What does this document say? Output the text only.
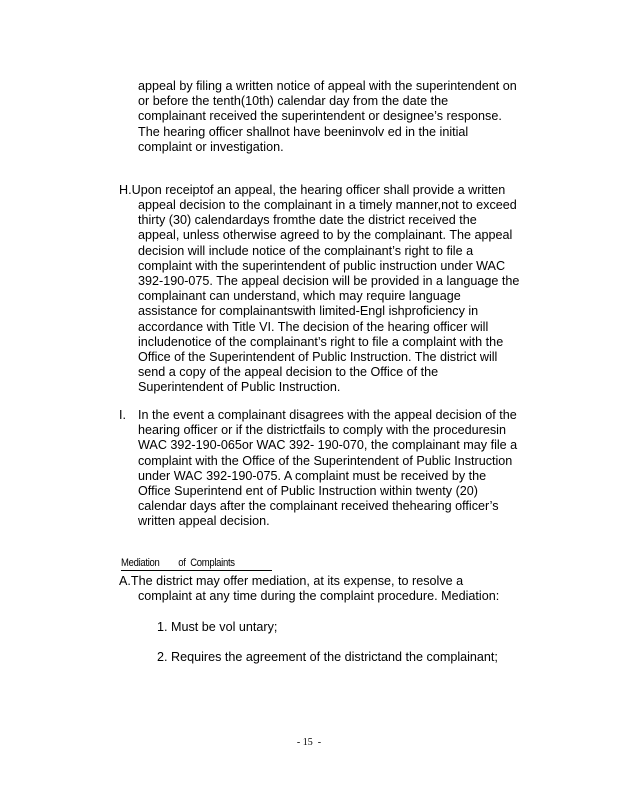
appeal by filing a written notice of appeal with the superintendent on
or before the tenth(10th) calendar day from the date the
complainant received the superintendent or designee’s response.
The hearing officer shallnot have beeninvolv ed in the initial
complaint or investigation.
H.Upon receiptof an appeal, the hearing officer shall provide a written
appeal decision to the complainant in a timely manner,not to exceed
thirty (30) calendardays fromthe date the district received the
appeal, unless otherwise agreed to by the complainant. The appeal
decision will include notice of the complainant’s right to file a
complaint with the superintendent of public instruction under WAC
392-190-075. The appeal decision will be provided in a language the
complainant can understand, which may require language
assistance for complainantswith limited-Engl ishproficiency in
accordance with Title VI. The decision of the hearing officer will
includenotice of the complainant’s right to file a complaint with the
Office of the Superintendent of Public Instruction. The district will
send a copy of the appeal decision to the Office of the
Superintendent of Public Instruction.
I. In the event a complainant disagrees with the appeal decision of the
hearing officer or if the districtfails to comply with the proceduresin
WAC 392-190-065or WAC 392- 190-070, the complainant may file a
complaint with the Office of the Superintendent of Public Instruction
under WAC 392-190-075. A complaint must be received by the
Office Superintend ent of Public Instruction within twenty (20)
calendar days after the complainant received thehearing officer’s
written appeal decision.
Mediation        of  Complaints
A.The district may offer mediation, at its expense, to resolve a
complaint at any time during the complaint procedure. Mediation:
1. Must be vol untary;
2. Requires the agreement of the districtand the complainant;
- 15  -
